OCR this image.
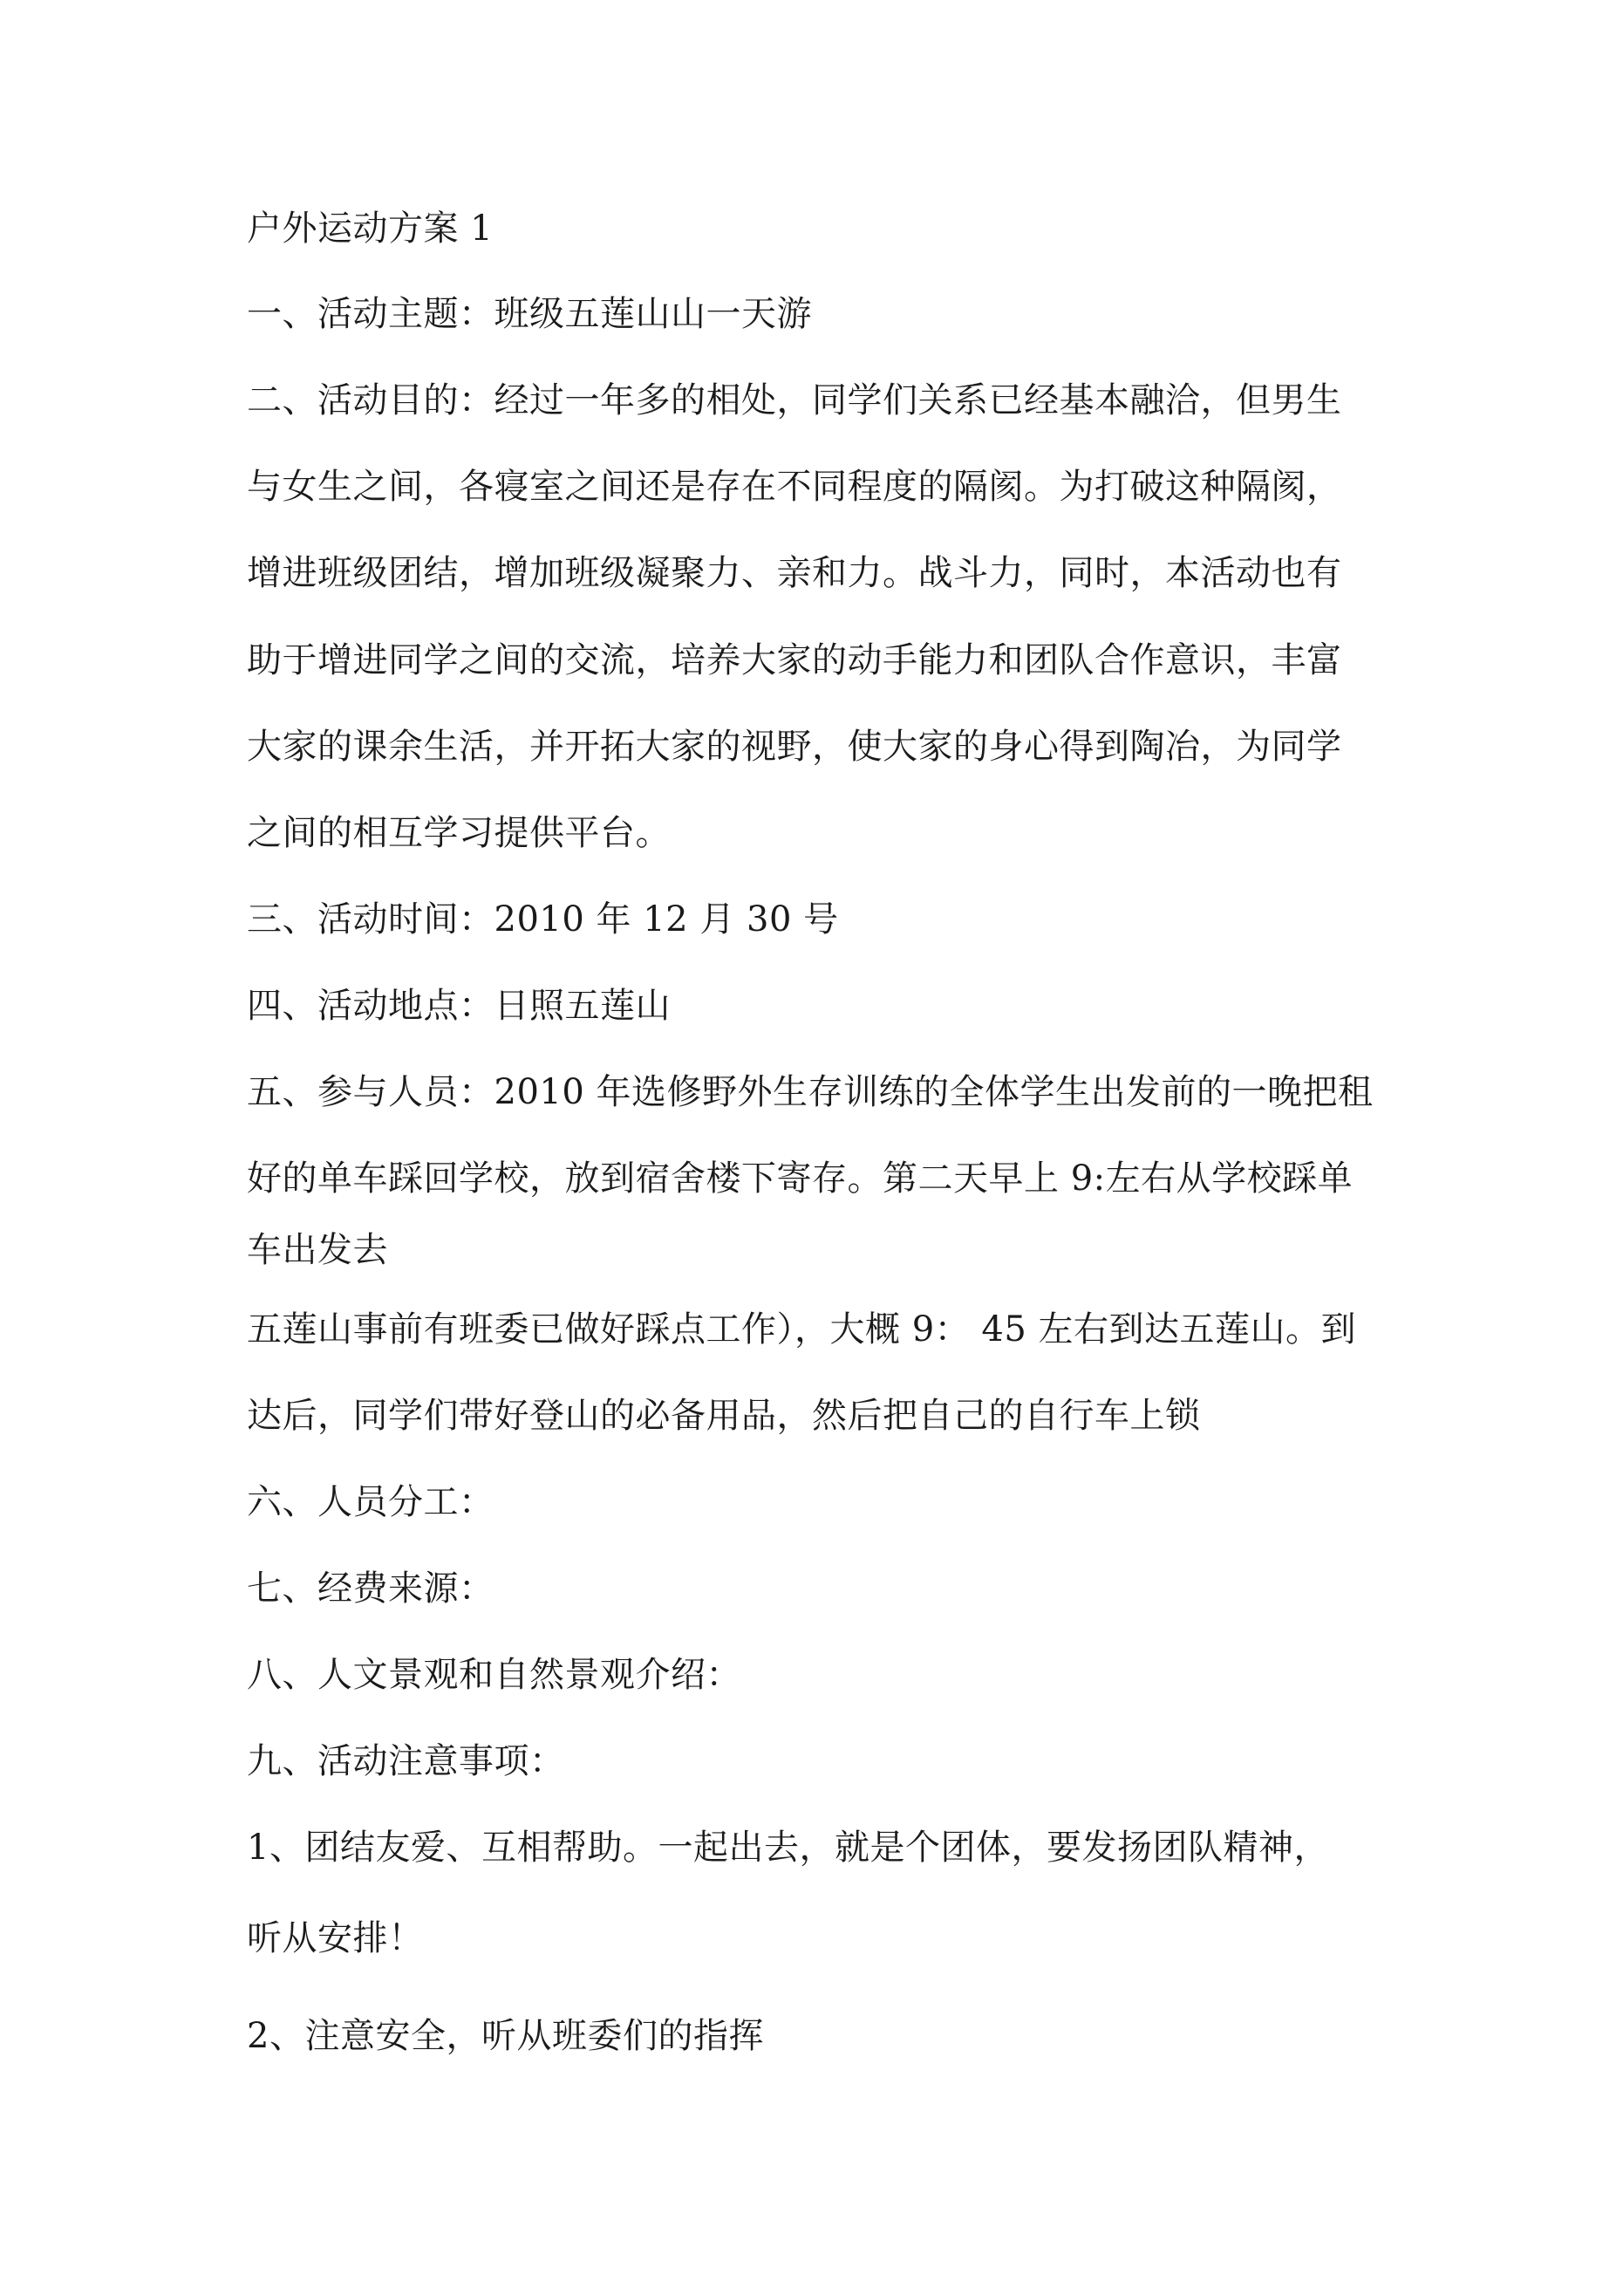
户外运动方案 1
一、活动主题：班级五莲山山一天游
二、活动目的：经过一年多的相处，同学们关系已经基本融洽，但男生
与女生之间，各寝室之间还是存在不同程度的隔阂。为打破这种隔阂，
增进班级团结，增加班级凝聚力、亲和力。战斗力，同时，本活动也有
助于增进同学之间的交流，培养大家的动手能力和团队合作意识，丰富
大家的课余生活，并开拓大家的视野，使大家的身心得到陶冶，为同学
之间的相互学习提供平台。
三、活动时间：2010 年 12 月 30 号
四、活动地点：日照五莲山
五、参与人员：2010 年选修野外生存训练的全体学生出发前的一晚把租
好的单车踩回学校，放到宿舍楼下寄存。第二天早上 9:左右从学校踩单
车出发去
五莲山事前有班委已做好踩点工作），大概 9： 45 左右到达五莲山。到
达后，同学们带好登山的必备用品，然后把自己的自行车上锁
六、人员分工：
七、经费来源：
八、人文景观和自然景观介绍：
九、活动注意事项：
1、团结友爱、互相帮助。一起出去，就是个团体，要发扬团队精神，
听从安排！
2、注意安全，听从班委们的指挥
